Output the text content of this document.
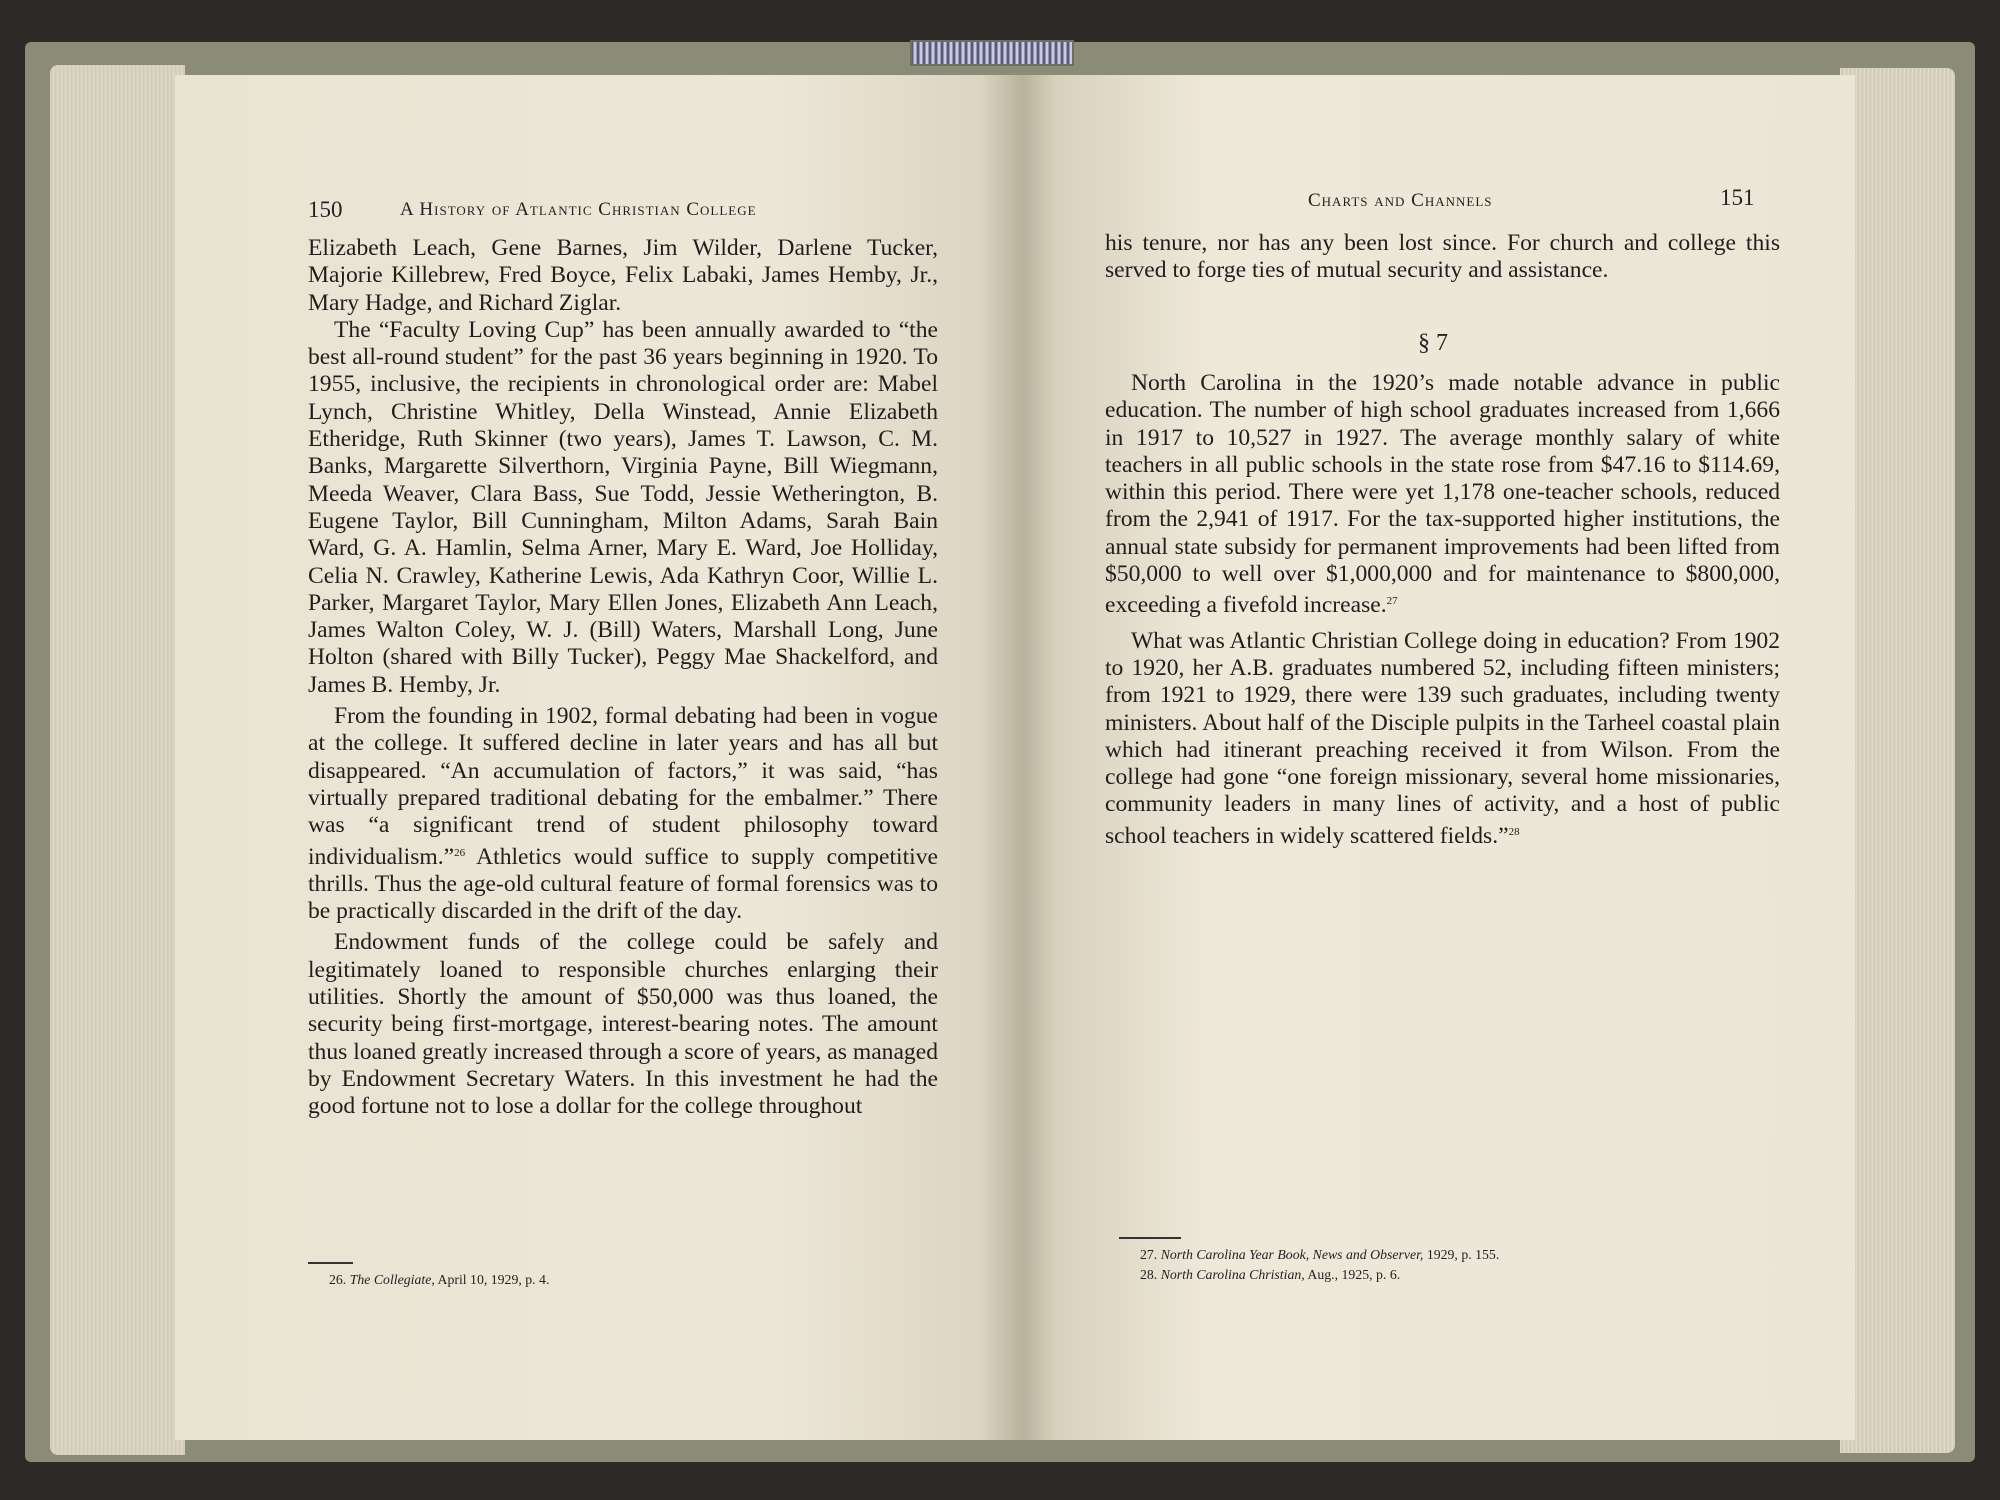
150	A History of Atlantic Christian College

Elizabeth Leach, Gene Barnes, Jim Wilder, Darlene Tucker, Majorie Killebrew, Fred Boyce, Felix Labaki, James Hemby, Jr., Mary Hadge, and Richard Ziglar.

The “Faculty Loving Cup” has been annually awarded to “the best all-round student” for the past 36 years beginning in 1920. To 1955, inclusive, the recipients in chronological order are: Mabel Lynch, Christine Whitley, Della Winstead, Annie Elizabeth Etheridge, Ruth Skinner (two years), James T. Lawson, C. M. Banks, Margarette Silverthorn, Virginia Payne, Bill Wiegmann, Meeda Weaver, Clara Bass, Sue Todd, Jessie Wetherington, B. Eugene Taylor, Bill Cunningham, Milton Adams, Sarah Bain Ward, G. A. Hamlin, Selma Arner, Mary E. Ward, Joe Holliday, Celia N. Crawley, Katherine Lewis, Ada Kathryn Coor, Willie L. Parker, Margaret Taylor, Mary Ellen Jones, Elizabeth Ann Leach, James Walton Coley, W. J. (Bill) Waters, Marshall Long, June Holton (shared with Billy Tucker), Peggy Mae Shackelford, and James B. Hemby, Jr.

From the founding in 1902, formal debating had been in vogue at the college. It suffered decline in later years and has all but disappeared. “An accumulation of factors,” it was said, “has virtually prepared traditional debating for the embalmer.” There was “a significant trend of student philosophy toward individualism.”$^{26}$ Athletics would suffice to supply competitive thrills. Thus the age-old cultural feature of formal forensics was to be practically discarded in the drift of the day.

Endowment funds of the college could be safely and legitimately loaned to responsible churches enlarging their utilities. Shortly the amount of $50,000 was thus loaned, the security being first-mortgage, interest-bearing notes. The amount thus loaned greatly increased through a score of years, as managed by Endowment Secretary Waters. In this investment he had the good fortune not to lose a dollar for the college throughout

26. The Collegiate, April 10, 1929, p. 4.
Charts and Channels	151

his tenure, nor has any been lost since. For church and college this served to forge ties of mutual security and assistance.

§ 7

North Carolina in the 1920’s made notable advance in public education. The number of high school graduates increased from 1,666 in 1917 to 10,527 in 1927. The average monthly salary of white teachers in all public schools in the state rose from $47.16 to $114.69, within this period. There were yet 1,178 one-teacher schools, reduced from the 2,941 of 1917. For the tax-supported higher institutions, the annual state subsidy for permanent improvements had been lifted from $50,000 to well over $1,000,000 and for maintenance to $800,000, exceeding a fivefold increase.$^{27}$

What was Atlantic Christian College doing in education? From 1902 to 1920, her A.B. graduates numbered 52, including fifteen ministers; from 1921 to 1929, there were 139 such graduates, including twenty ministers. About half of the Disciple pulpits in the Tarheel coastal plain which had itinerant preaching received it from Wilson. From the college had gone “one foreign missionary, several home missionaries, community leaders in many lines of activity, and a host of public school teachers in widely scattered fields.”$^{28}$

27. North Carolina Year Book, News and Observer, 1929, p. 155.
28. North Carolina Christian, Aug., 1925, p. 6.
